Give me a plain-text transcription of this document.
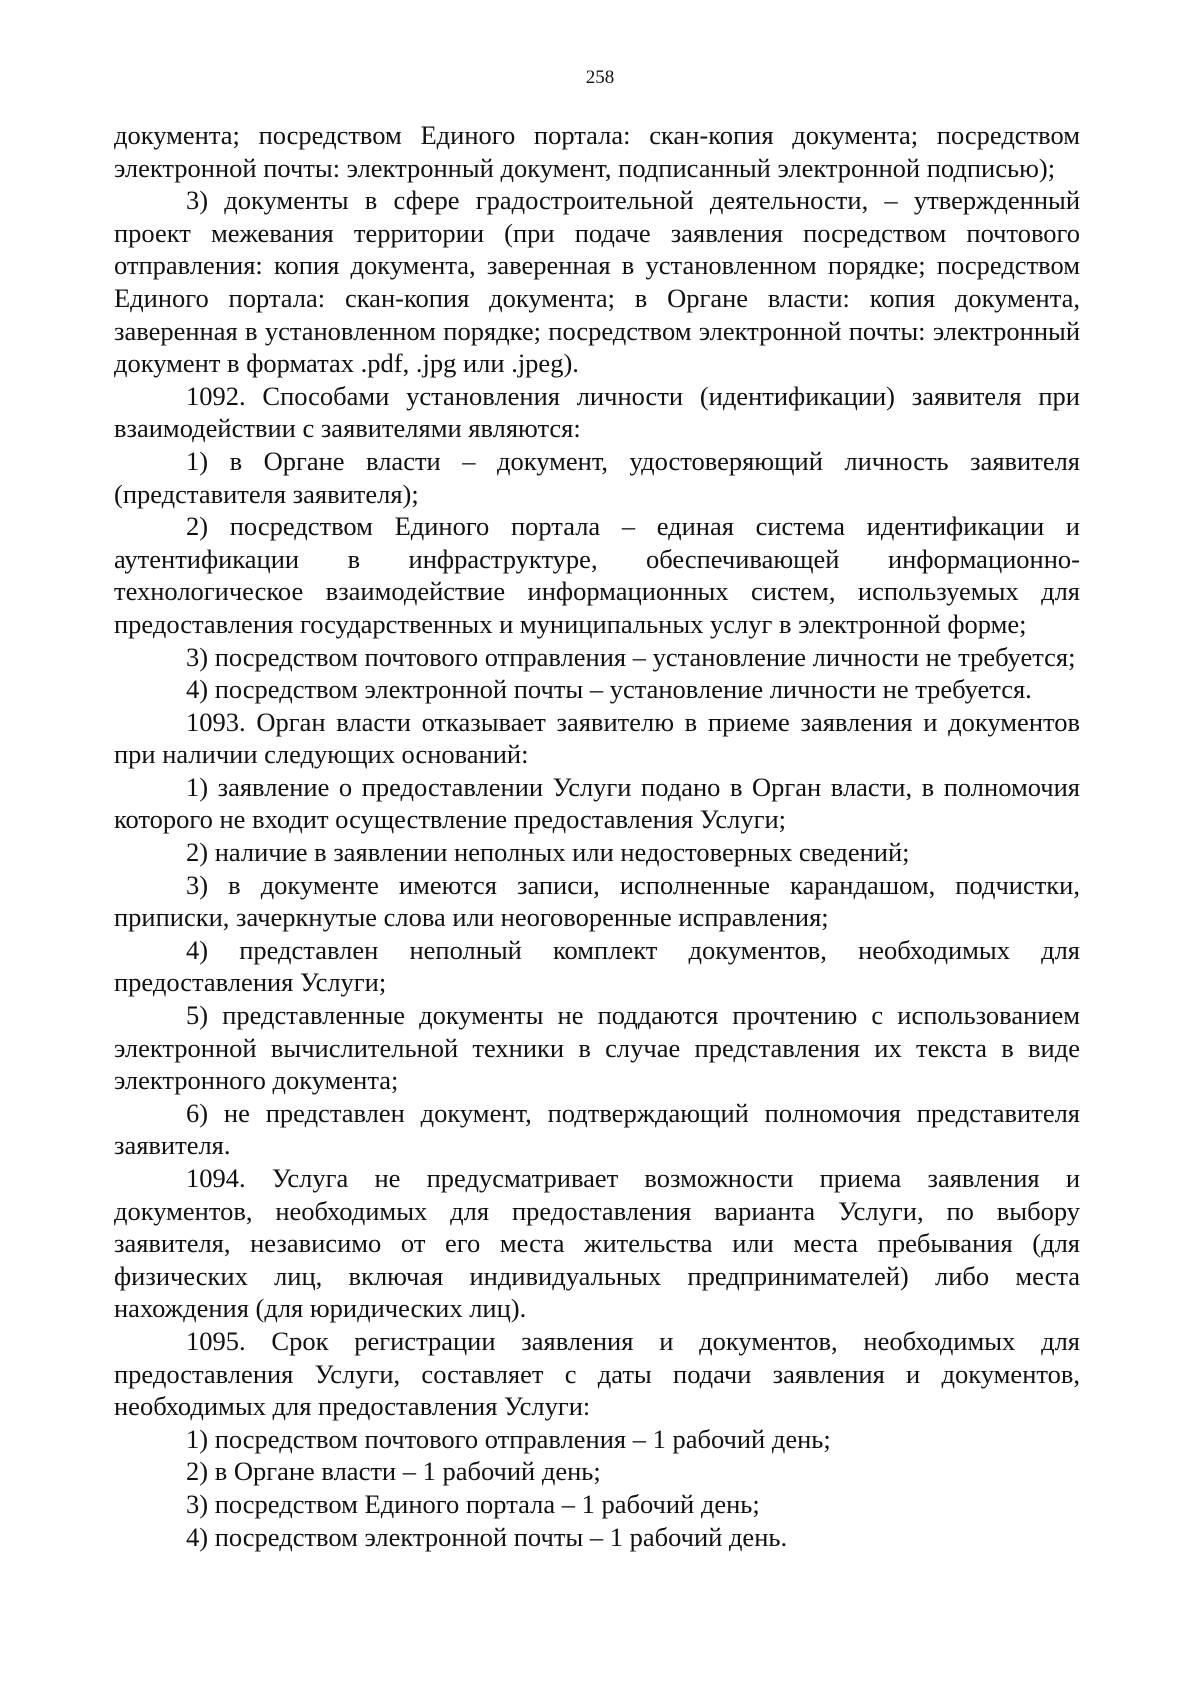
258

документа; посредством Единого портала: скан-копия документа; посредством электронной почты: электронный документ, подписанный электронной подписью);

3) документы в сфере градостроительной деятельности, – утвержденный проект межевания территории (при подаче заявления посредством почтового отправления: копия документа, заверенная в установленном порядке; посредством Единого портала: скан-копия документа; в Органе власти: копия документа, заверенная в установленном порядке; посредством электронной почты: электронный документ в форматах .pdf, .jpg или .jpeg).

1092. Способами установления личности (идентификации) заявителя при взаимодействии с заявителями являются:

1) в Органе власти – документ, удостоверяющий личность заявителя (представителя заявителя);

2) посредством Единого портала – единая система идентификации и аутентификации в инфраструктуре, обеспечивающей информационно-технологическое взаимодействие информационных систем, используемых для предоставления государственных и муниципальных услуг в электронной форме;

3) посредством почтового отправления – установление личности не требуется;

4) посредством электронной почты – установление личности не требуется.

1093. Орган власти отказывает заявителю в приеме заявления и документов при наличии следующих оснований:

1) заявление о предоставлении Услуги подано в Орган власти, в полномочия которого не входит осуществление предоставления Услуги;

2) наличие в заявлении неполных или недостоверных сведений;

3) в документе имеются записи, исполненные карандашом, подчистки, приписки, зачеркнутые слова или неоговоренные исправления;

4) представлен неполный комплект документов, необходимых для предоставления Услуги;

5) представленные документы не поддаются прочтению с использованием электронной вычислительной техники в случае представления их текста в виде электронного документа;

6) не представлен документ, подтверждающий полномочия представителя заявителя.

1094. Услуга не предусматривает возможности приема заявления и документов, необходимых для предоставления варианта Услуги, по выбору заявителя, независимо от его места жительства или места пребывания (для физических лиц, включая индивидуальных предпринимателей) либо места нахождения (для юридических лиц).

1095. Срок регистрации заявления и документов, необходимых для предоставления Услуги, составляет с даты подачи заявления и документов, необходимых для предоставления Услуги:

1) посредством почтового отправления – 1 рабочий день;

2) в Органе власти – 1 рабочий день;

3) посредством Единого портала – 1 рабочий день;

4) посредством электронной почты – 1 рабочий день.
